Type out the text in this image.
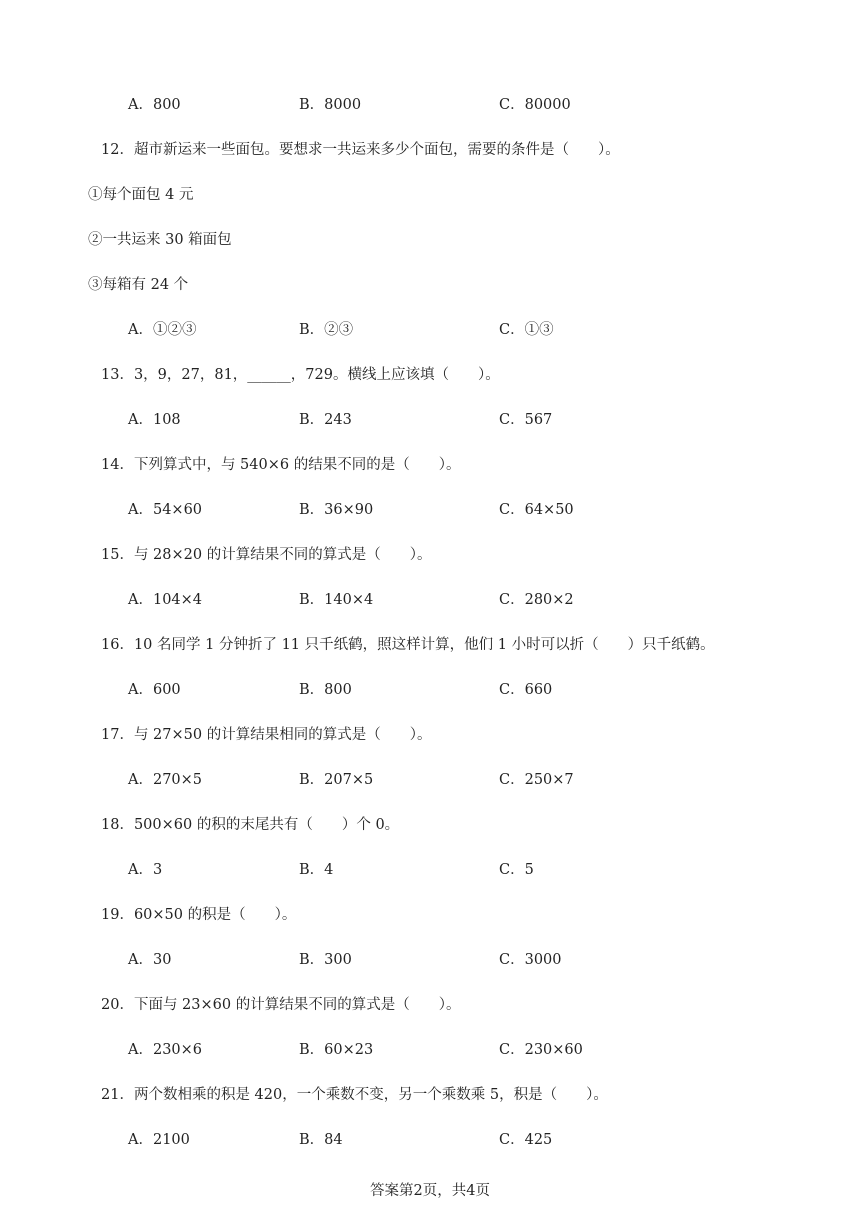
A．800	B．8000	C．80000
12．超市新运来一些面包。要想求一共运来多少个面包，需要的条件是（　　）。
①每个面包 4 元
②一共运来 30 箱面包
③每箱有 24 个
A．①②③	B．②③	C．①③
13．3，9，27，81，______，729。横线上应该填（　　）。
A．108	B．243	C．567
14．下列算式中，与 540×6 的结果不同的是（　　）。
A．54×60	B．36×90	C．64×50
15．与 28×20 的计算结果不同的算式是（　　）。
A．104×4	B．140×4	C．280×2
16．10 名同学 1 分钟折了 11 只千纸鹤，照这样计算，他们 1 小时可以折（　　）只千纸鹤。
A．600	B．800	C．660
17．与 27×50 的计算结果相同的算式是（　　）。
A．270×5	B．207×5	C．250×7
18．500×60 的积的末尾共有（　　）个 0。
A．3	B．4	C．5
19．60×50 的积是（　　）。
A．30	B．300	C．3000
20．下面与 23×60 的计算结果不同的算式是（　　）。
A．230×6	B．60×23	C．230×60
21．两个数相乘的积是 420，一个乘数不变，另一个乘数乘 5，积是（　　）。
A．2100	B．84	C．425
答案第2页，共4页
